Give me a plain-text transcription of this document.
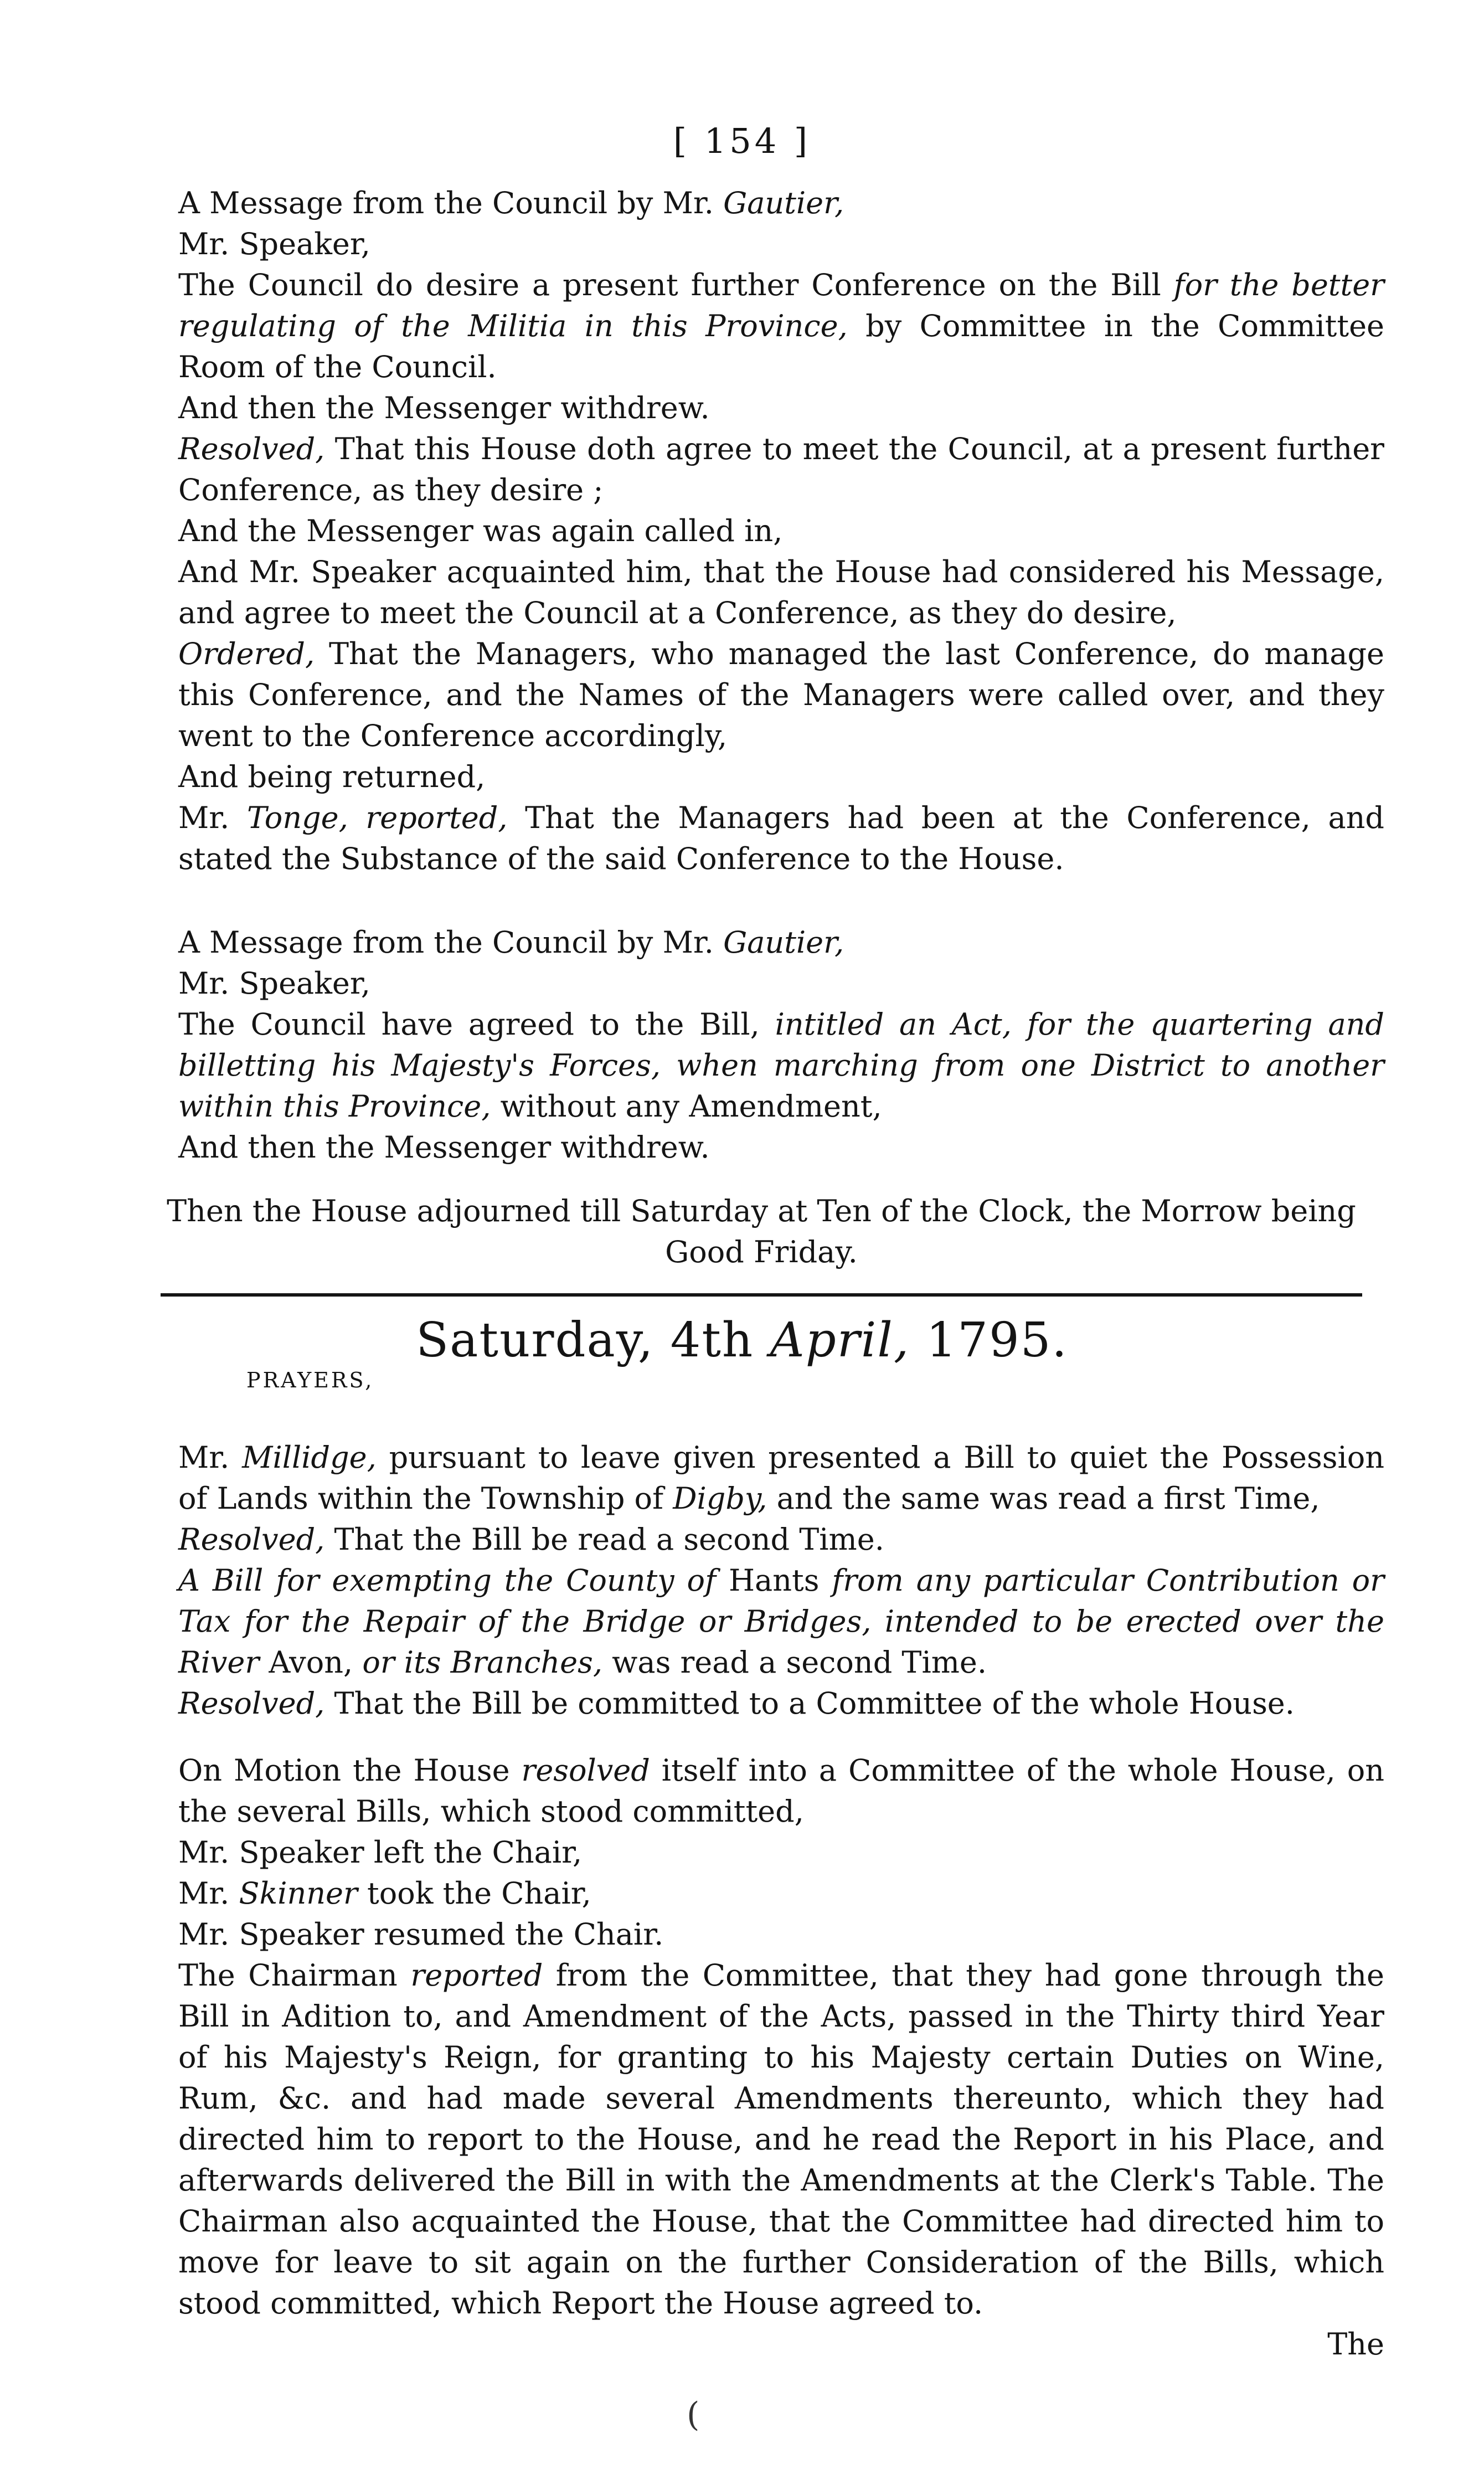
[ 154 ]
A Message from the Council by Mr. Gautier,
Mr. Speaker,
The Council do desire a present further Conference on the Bill for the better regulating of the Militia in this Province, by Committee in the Committee Room of the Council.
And then the Messenger withdrew.
Resolved, That this House doth agree to meet the Council, at a present further Conference, as they desire ;
And the Messenger was again called in,
And Mr. Speaker acquainted him, that the House had considered his Message, and agree to meet the Council at a Conference, as they do desire,
Ordered, That the Managers, who managed the last Conference, do manage this Conference, and the Names of the Managers were called over, and they went to the Conference accordingly,
And being returned,
Mr. Tonge, reported, That the Managers had been at the Conference, and stated the Substance of the said Conference to the House.
A Message from the Council by Mr. Gautier,
Mr. Speaker,
The Council have agreed to the Bill, intitled an Act, for the quartering and billetting his Majesty's Forces, when marching from one District to another within this Province, without any Amendment,
And then the Messenger withdrew.
Then the House adjourned till Saturday at Ten of the Clock, the Morrow being Good Friday.
Saturday, 4th April, 1795.
PRAYERS,
Mr. Millidge, pursuant to leave given presented a Bill to quiet the Possession of Lands within the Township of Digby, and the same was read a first Time,
Resolved, That the Bill be read a second Time.
A Bill for exempting the County of Hants from any particular Contribution or Tax for the Repair of the Bridge or Bridges, intended to be erected over the River Avon, or its Branches, was read a second Time.
Resolved, That the Bill be committed to a Committee of the whole House.
On Motion the House resolved itself into a Committee of the whole House, on the several Bills, which stood committed,
Mr. Speaker left the Chair,
Mr. Skinner took the Chair,
Mr. Speaker resumed the Chair.
The Chairman reported from the Committee, that they had gone through the Bill in Adition to, and Amendment of the Acts, passed in the Thirty third Year of his Majesty's Reign, for granting to his Majesty certain Duties on Wine, Rum, &c. and had made several Amendments thereunto, which they had directed him to report to the House, and he read the Report in his Place, and afterwards delivered the Bill in with the Amendments at the Clerk's Table. The Chairman also acquainted the House, that the Committee had directed him to move for leave to sit again on the further Consideration of the Bills, which stood committed, which Report the House agreed to.
The
(
